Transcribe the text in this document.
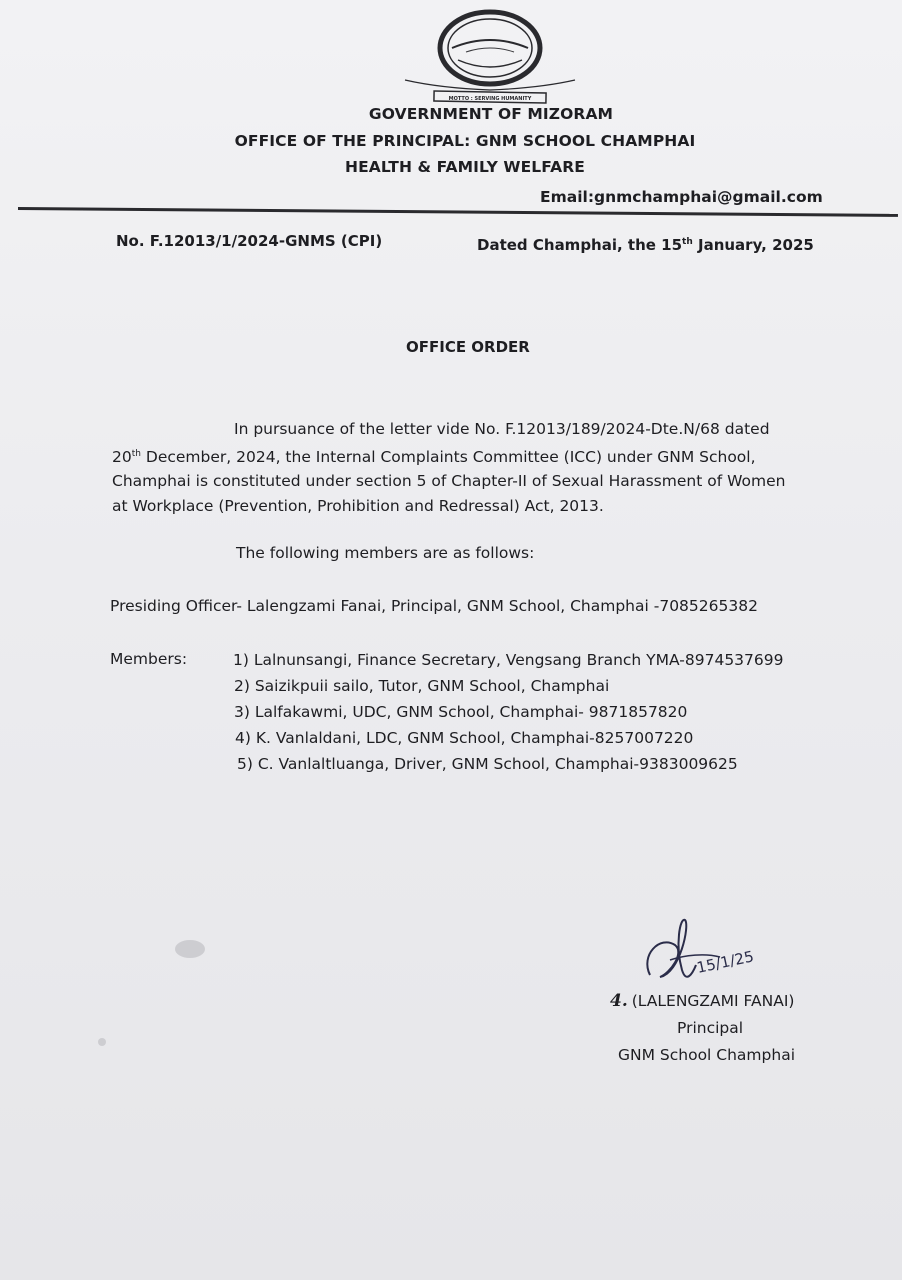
MOTTO : SERVING HUMANITY
GOVERNMENT OF MIZORAM
OFFICE OF THE PRINCIPAL: GNM SCHOOL CHAMPHAI
HEALTH & FAMILY WELFARE
Email:gnmchamphai@gmail.com
No. F.12013/1/2024-GNMS (CPI)	Dated Champhai, the 15th January, 2025
OFFICE ORDER
In pursuance of the letter vide No. F.12013/189/2024-Dte.N/68 dated
20th December, 2024, the Internal Complaints Committee (ICC) under GNM School,
Champhai is constituted under section 5 of Chapter-II of Sexual Harassment of Women
at Workplace (Prevention, Prohibition and Redressal) Act, 2013.
The following members are as follows:
Presiding Officer- Lalengzami Fanai, Principal, GNM School, Champhai -7085265382
Members:	1) Lalnunsangi, Finance Secretary, Vengsang Branch YMA-8974537699
2) Saizikpuii sailo, Tutor, GNM School, Champhai
3) Lalfakawmi, UDC, GNM School, Champhai- 9871857820
4) K. Vanlaldani, LDC, GNM School, Champhai-8257007220
5) C. Vanlaltluanga, Driver, GNM School, Champhai-9383009625
15/1/25
4. (LALENGZAMI FANAI)
Principal
GNM School Champhai
